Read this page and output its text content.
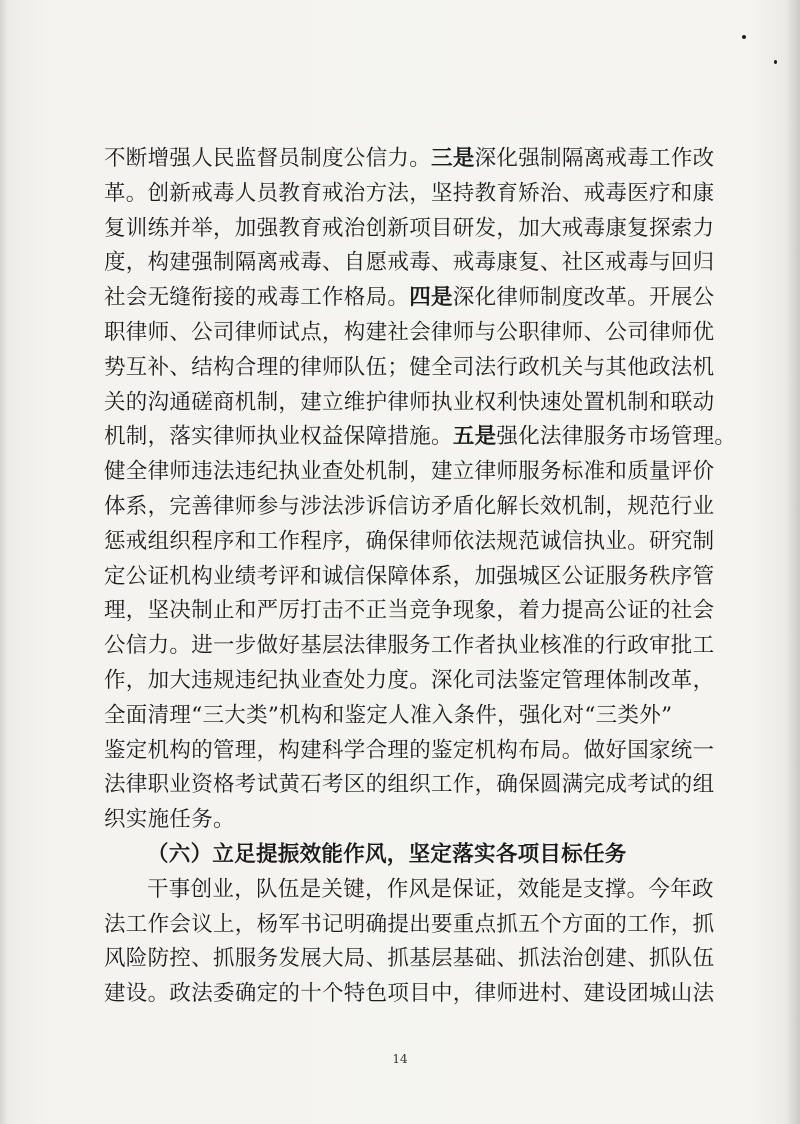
不断增强人民监督员制度公信力。三是深化强制隔离戒毒工作改
革。创新戒毒人员教育戒治方法，坚持教育矫治、戒毒医疗和康
复训练并举，加强教育戒治创新项目研发，加大戒毒康复探索力
度，构建强制隔离戒毒、自愿戒毒、戒毒康复、社区戒毒与回归
社会无缝衔接的戒毒工作格局。四是深化律师制度改革。开展公
职律师、公司律师试点，构建社会律师与公职律师、公司律师优
势互补、结构合理的律师队伍；健全司法行政机关与其他政法机
关的沟通磋商机制，建立维护律师执业权利快速处置机制和联动
机制，落实律师执业权益保障措施。五是强化法律服务市场管理。
健全律师违法违纪执业查处机制，建立律师服务标准和质量评价
体系，完善律师参与涉法涉诉信访矛盾化解长效机制，规范行业
惩戒组织程序和工作程序，确保律师依法规范诚信执业。研究制
定公证机构业绩考评和诚信保障体系，加强城区公证服务秩序管
理，坚决制止和严厉打击不正当竞争现象，着力提高公证的社会
公信力。进一步做好基层法律服务工作者执业核准的行政审批工
作，加大违规违纪执业查处力度。深化司法鉴定管理体制改革，
全面清理“三大类”机构和鉴定人准入条件，强化对“三类外”
鉴定机构的管理，构建科学合理的鉴定机构布局。做好国家统一
法律职业资格考试黄石考区的组织工作，确保圆满完成考试的组
织实施任务。
（六）立足提振效能作风，坚定落实各项目标任务
干事创业，队伍是关键，作风是保证，效能是支撑。今年政
法工作会议上，杨军书记明确提出要重点抓五个方面的工作，抓
风险防控、抓服务发展大局、抓基层基础、抓法治创建、抓队伍
建设。政法委确定的十个特色项目中，律师进村、建设团城山法
14
